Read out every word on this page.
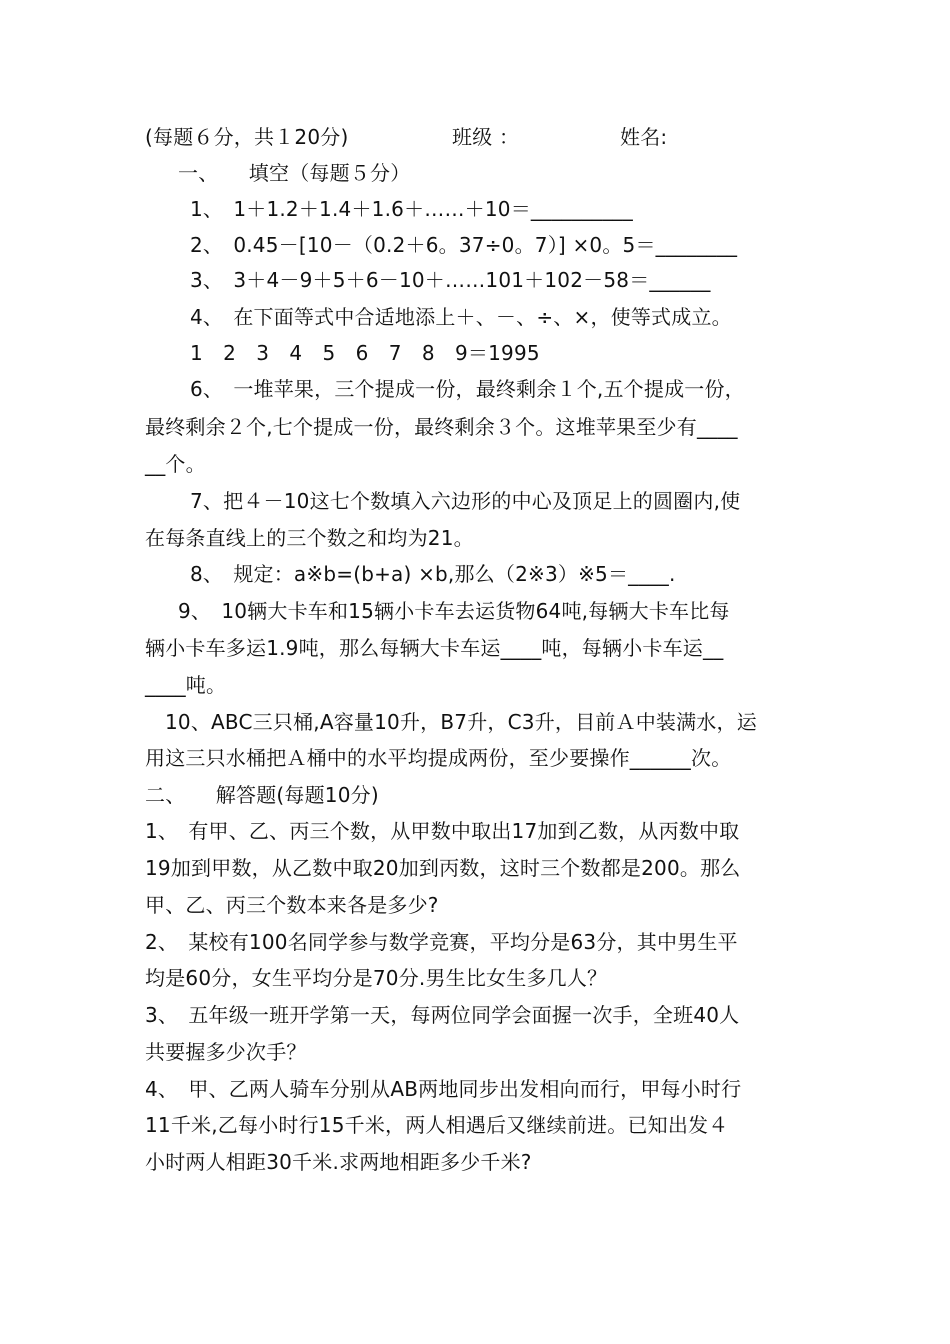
(每题６分，共１20分)	班级 ：	姓名:
一、　　填空（每题５分）
1、　1＋1.2＋1.4＋1.6＋……＋10＝__________
2、　0.45－[10－（0.2＋6。37÷0。7）] ×0。5＝________
3、　3＋4－9＋5＋6－10＋……101＋102－58＝______
4、　在下面等式中合适地添上＋、－、÷、×，使等式成立。
1　2　3　4　5　6　7　8　9＝1995
6、　一堆苹果，三个提成一份，最终剩余１个,五个提成一份，
最终剩余２个,七个提成一份，最终剩余３个。这堆苹果至少有____
__个。
7、把４－10这七个数填入六边形的中心及顶足上的圆圈内,使
在每条直线上的三个数之和均为21。
8、　规定：a※b=(b+a) ×b,那么（2※3）※5＝____.
9、　10辆大卡车和15辆小卡车去运货物64吨,每辆大卡车比每
辆小卡车多运1.9吨，那么每辆大卡车运____吨，每辆小卡车运__
____吨。
10、ABC三只桶,A容量10升，B7升，C3升，目前Ａ中装满水，运
用这三只水桶把Ａ桶中的水平均提成两份，至少要操作______次。
二、　　解答题(每题10分)
1、　有甲、乙、丙三个数，从甲数中取出17加到乙数，从丙数中取
19加到甲数，从乙数中取20加到丙数，这时三个数都是200。那么
甲、乙、丙三个数本来各是多少?
2、　某校有100名同学参与数学竞赛，平均分是63分，其中男生平
均是60分，女生平均分是70分.男生比女生多几人？
3、　五年级一班开学第一天，每两位同学会面握一次手，全班40人
共要握多少次手？
4、　甲、乙两人骑车分别从AB两地同步出发相向而行，甲每小时行
11千米,乙每小时行15千米，两人相遇后又继续前进。已知出发４
小时两人相距30千米.求两地相距多少千米?
